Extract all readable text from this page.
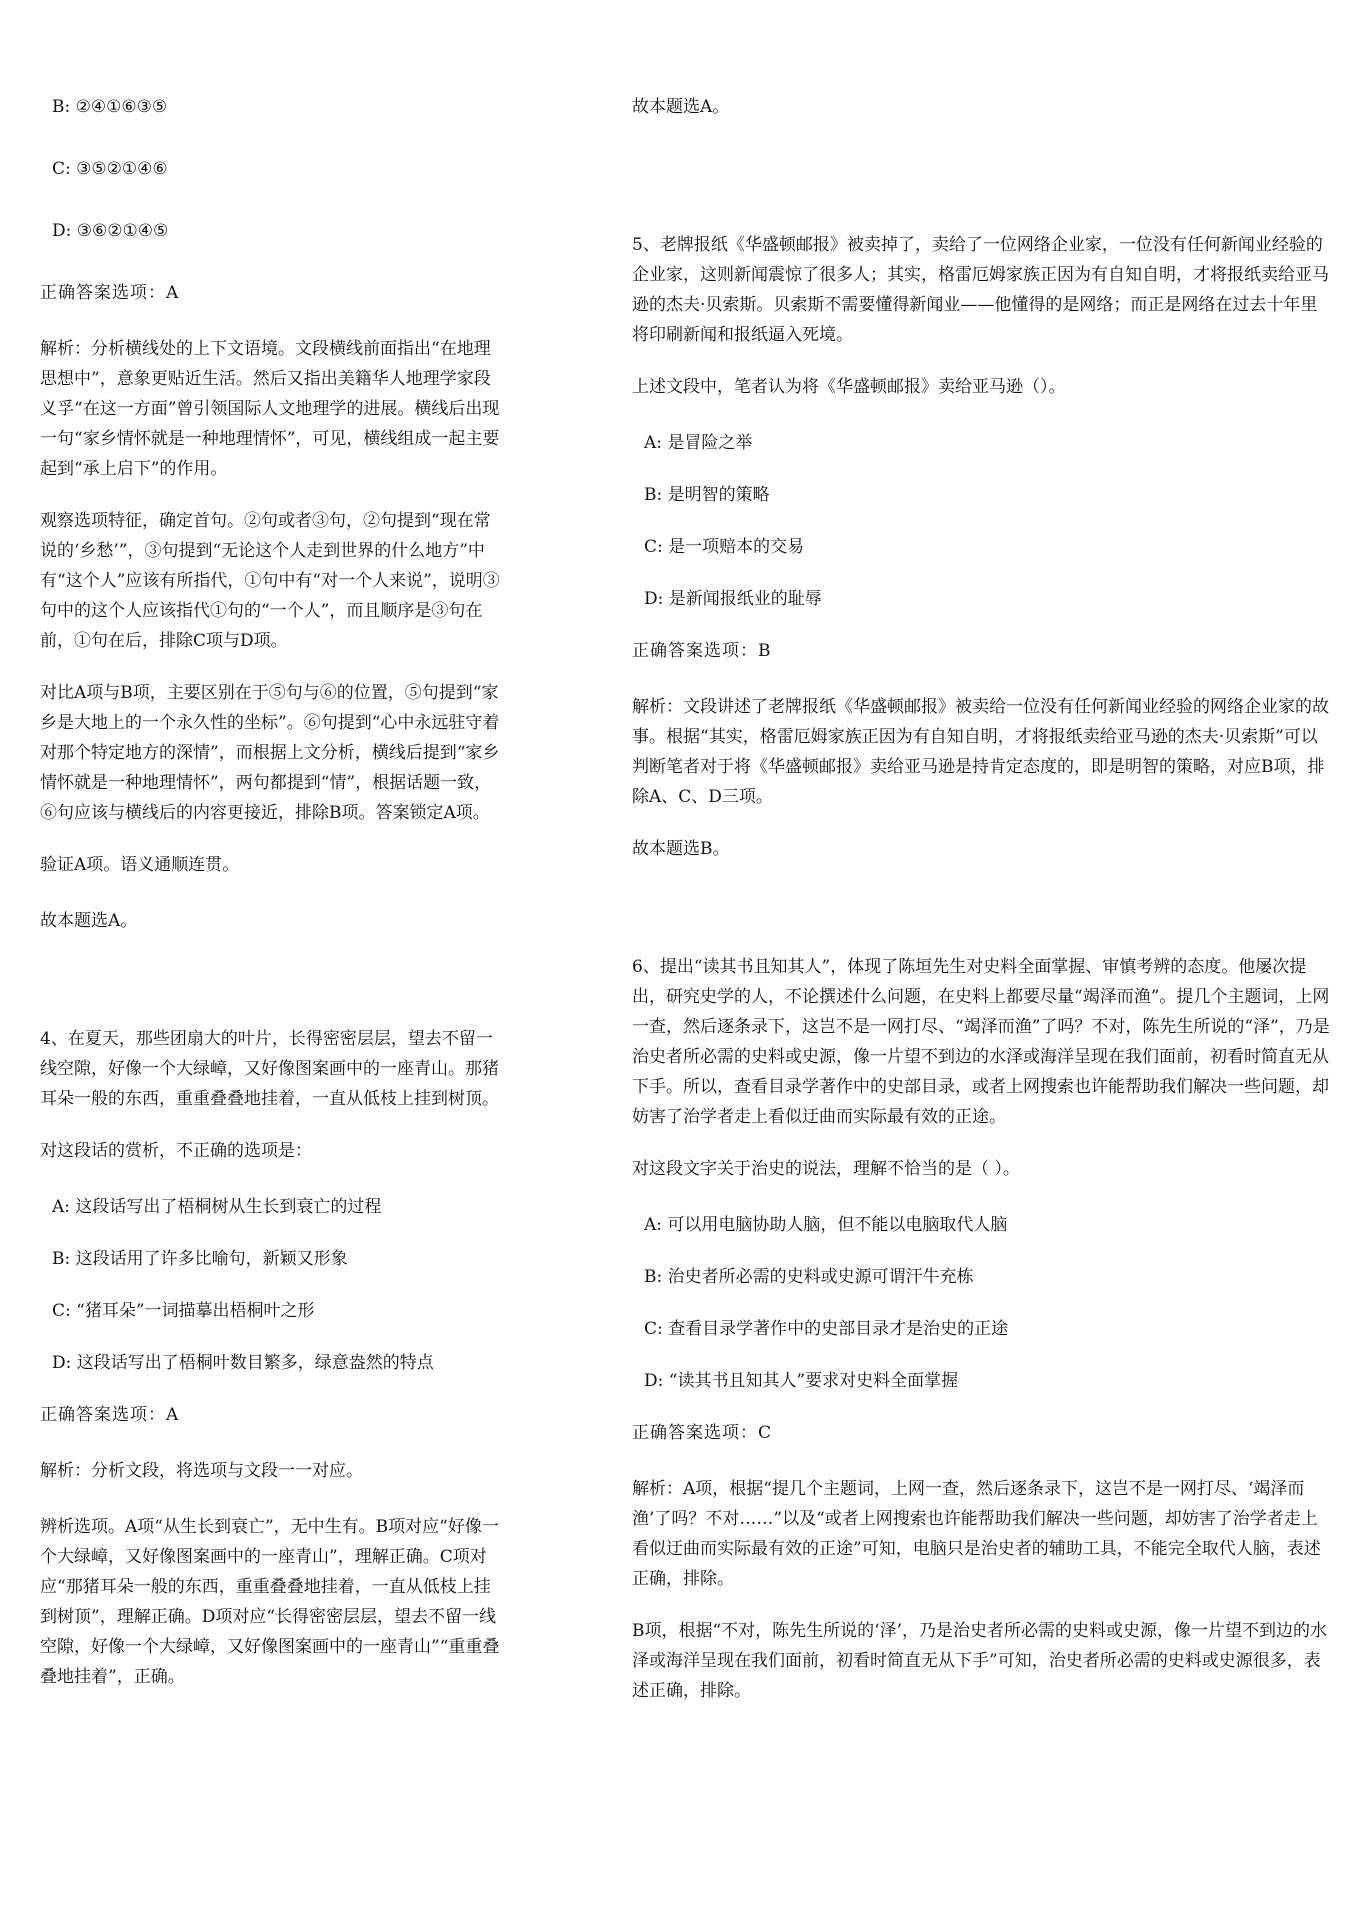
B: ②④①⑥③⑤

C: ③⑤②①④⑥

D: ③⑥②①④⑤

正确答案选项：A

解析：分析横线处的上下文语境。文段横线前面指出“在地理思想中”，意象更贴近生活。然后又指出美籍华人地理学家段义孚“在这一方面”曾引领国际人文地理学的进展。横线后出现一句“家乡情怀就是一种地理情怀”，可见，横线组成一起主要起到“承上启下”的作用。

观察选项特征，确定首句。②句或者③句，②句提到“现在常说的‘乡愁’”，③句提到“无论这个人走到世界的什么地方”中有“这个人”应该有所指代，①句中有“对一个人来说”，说明③句中的这个人应该指代①句的“一个人”，而且顺序是③句在前，①句在后，排除C项与D项。

对比A项与B项，主要区别在于⑤句与⑥的位置，⑤句提到“家乡是大地上的一个永久性的坐标”。⑥句提到“心中永远驻守着对那个特定地方的深情”，而根据上文分析，横线后提到“家乡情怀就是一种地理情怀”，两句都提到“情”，根据话题一致，⑥句应该与横线后的内容更接近，排除B项。答案锁定A项。

验证A项。语义通顺连贯。

故本题选A。

4、在夏天，那些团扇大的叶片，长得密密层层，望去不留一线空隙，好像一个大绿嶂，又好像图案画中的一座青山。那猪耳朵一般的东西，重重叠叠地挂着，一直从低枝上挂到树顶。

对这段话的赏析，不正确的选项是：

A: 这段话写出了梧桐树从生长到衰亡的过程

B: 这段话用了许多比喻句，新颖又形象

C: “猪耳朵”一词描摹出梧桐叶之形

D: 这段话写出了梧桐叶数目繁多，绿意盎然的特点

正确答案选项：A

解析：分析文段，将选项与文段一一对应。

辨析选项。A项“从生长到衰亡”，无中生有。B项对应“好像一个大绿嶂，又好像图案画中的一座青山”，理解正确。C项对应“那猪耳朵一般的东西，重重叠叠地挂着，一直从低枝上挂到树顶”，理解正确。D项对应“长得密密层层，望去不留一线空隙，好像一个大绿嶂，又好像图案画中的一座青山”“重重叠叠地挂着”，正确。

故本题选A。

5、老牌报纸《华盛顿邮报》被卖掉了，卖给了一位网络企业家，一位没有任何新闻业经验的企业家，这则新闻震惊了很多人；其实，格雷厄姆家族正因为有自知自明，才将报纸卖给亚马逊的杰夫·贝索斯。贝索斯不需要懂得新闻业——他懂得的是网络；而正是网络在过去十年里将印刷新闻和报纸逼入死境。

上述文段中，笔者认为将《华盛顿邮报》卖给亚马逊（）。

A: 是冒险之举

B: 是明智的策略

C: 是一项赔本的交易

D: 是新闻报纸业的耻辱

正确答案选项：B

解析：文段讲述了老牌报纸《华盛顿邮报》被卖给一位没有任何新闻业经验的网络企业家的故事。根据“其实，格雷厄姆家族正因为有自知自明，才将报纸卖给亚马逊的杰夫·贝索斯”可以判断笔者对于将《华盛顿邮报》卖给亚马逊是持肯定态度的，即是明智的策略，对应B项，排除A、C、D三项。

故本题选B。

6、提出“读其书且知其人”，体现了陈垣先生对史料全面掌握、审慎考辨的态度。他屡次提出，研究史学的人，不论撰述什么问题，在史料上都要尽量“竭泽而渔”。提几个主题词，上网一查，然后逐条录下，这岂不是一网打尽、“竭泽而渔”了吗？不对，陈先生所说的“泽”，乃是治史者所必需的史料或史源，像一片望不到边的水泽或海洋呈现在我们面前，初看时简直无从下手。所以，查看目录学著作中的史部目录，或者上网搜索也许能帮助我们解决一些问题，却妨害了治学者走上看似迂曲而实际最有效的正途。

对这段文字关于治史的说法，理解不恰当的是（ ）。

A: 可以用电脑协助人脑，但不能以电脑取代人脑

B: 治史者所必需的史料或史源可谓汗牛充栋

C: 查看目录学著作中的史部目录才是治史的正途

D: “读其书且知其人”要求对史料全面掌握

正确答案选项：C

解析：A项，根据“提几个主题词，上网一查，然后逐条录下，这岂不是一网打尽、‘竭泽而渔’了吗？不对……”以及“或者上网搜索也许能帮助我们解决一些问题，却妨害了治学者走上看似迂曲而实际最有效的正途”可知，电脑只是治史者的辅助工具，不能完全取代人脑，表述正确，排除。

B项，根据“不对，陈先生所说的‘泽’，乃是治史者所必需的史料或史源，像一片望不到边的水泽或海洋呈现在我们面前，初看时简直无从下手”可知，治史者所必需的史料或史源很多，表述正确，排除。
